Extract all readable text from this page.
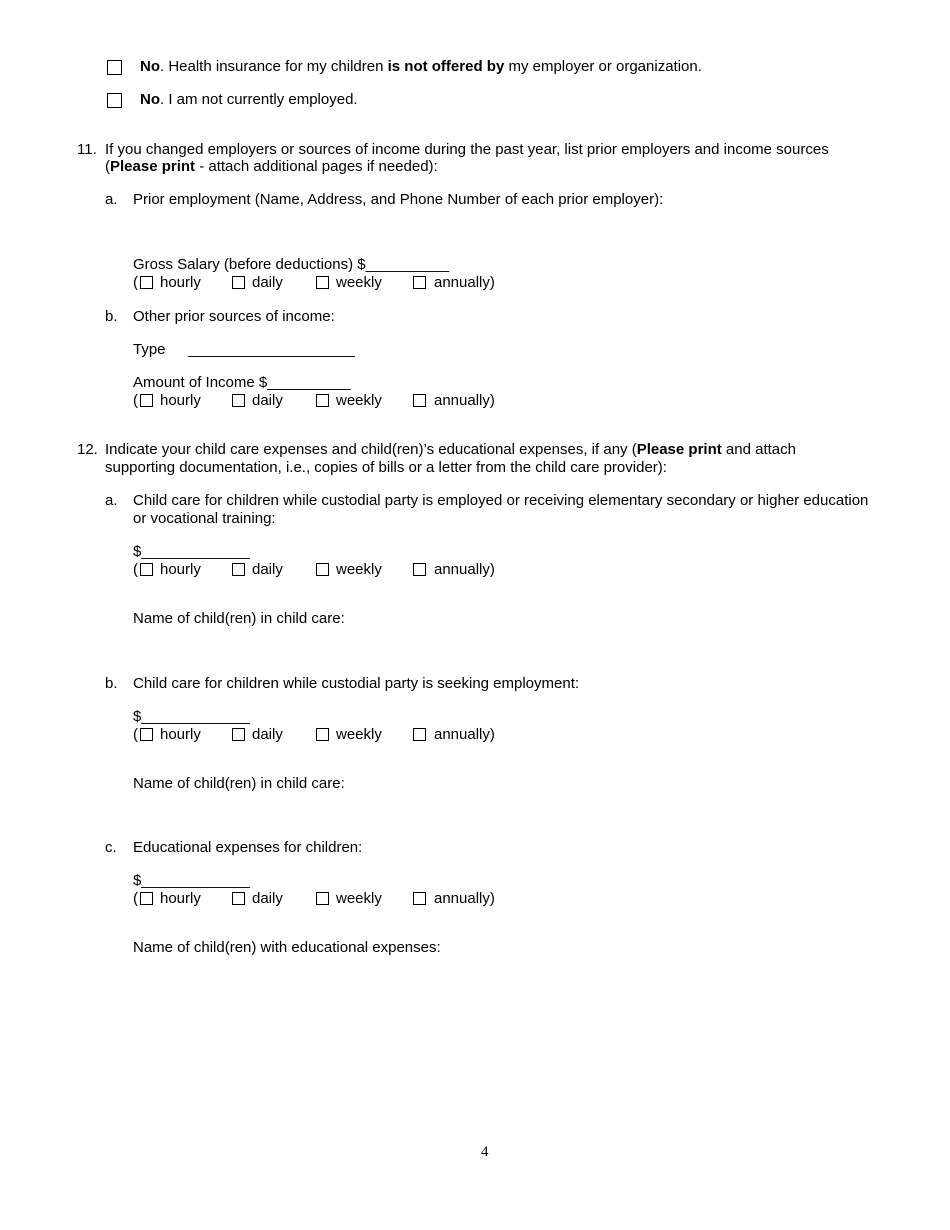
No. Health insurance for my children is not offered by my employer or organization.
No. I am not currently employed.
11. If you changed employers or sources of income during the past year, list prior employers and income sources
(Please print - attach additional pages if needed):
a. Prior employment (Name, Address, and Phone Number of each prior employer):
Gross Salary (before deductions) $__________
( hourly	daily	weekly	annually)
b. Other prior sources of income:
Type ____________________
Amount of Income $__________
( hourly	daily	weekly	annually)
12. Indicate your child care expenses and child(ren)’s educational expenses, if any (Please print and attach
supporting documentation, i.e., copies of bills or a letter from the child care provider):
a. Child care for children while custodial party is employed or receiving elementary secondary or higher education
or vocational training:
$_____________
( hourly	daily	weekly	annually)
Name of child(ren) in child care:
b. Child care for children while custodial party is seeking employment:
$_____________
( hourly	daily	weekly	annually)
Name of child(ren) in child care:
c. Educational expenses for children:
$_____________
( hourly	daily	weekly	annually)
Name of child(ren) with educational expenses:
4
